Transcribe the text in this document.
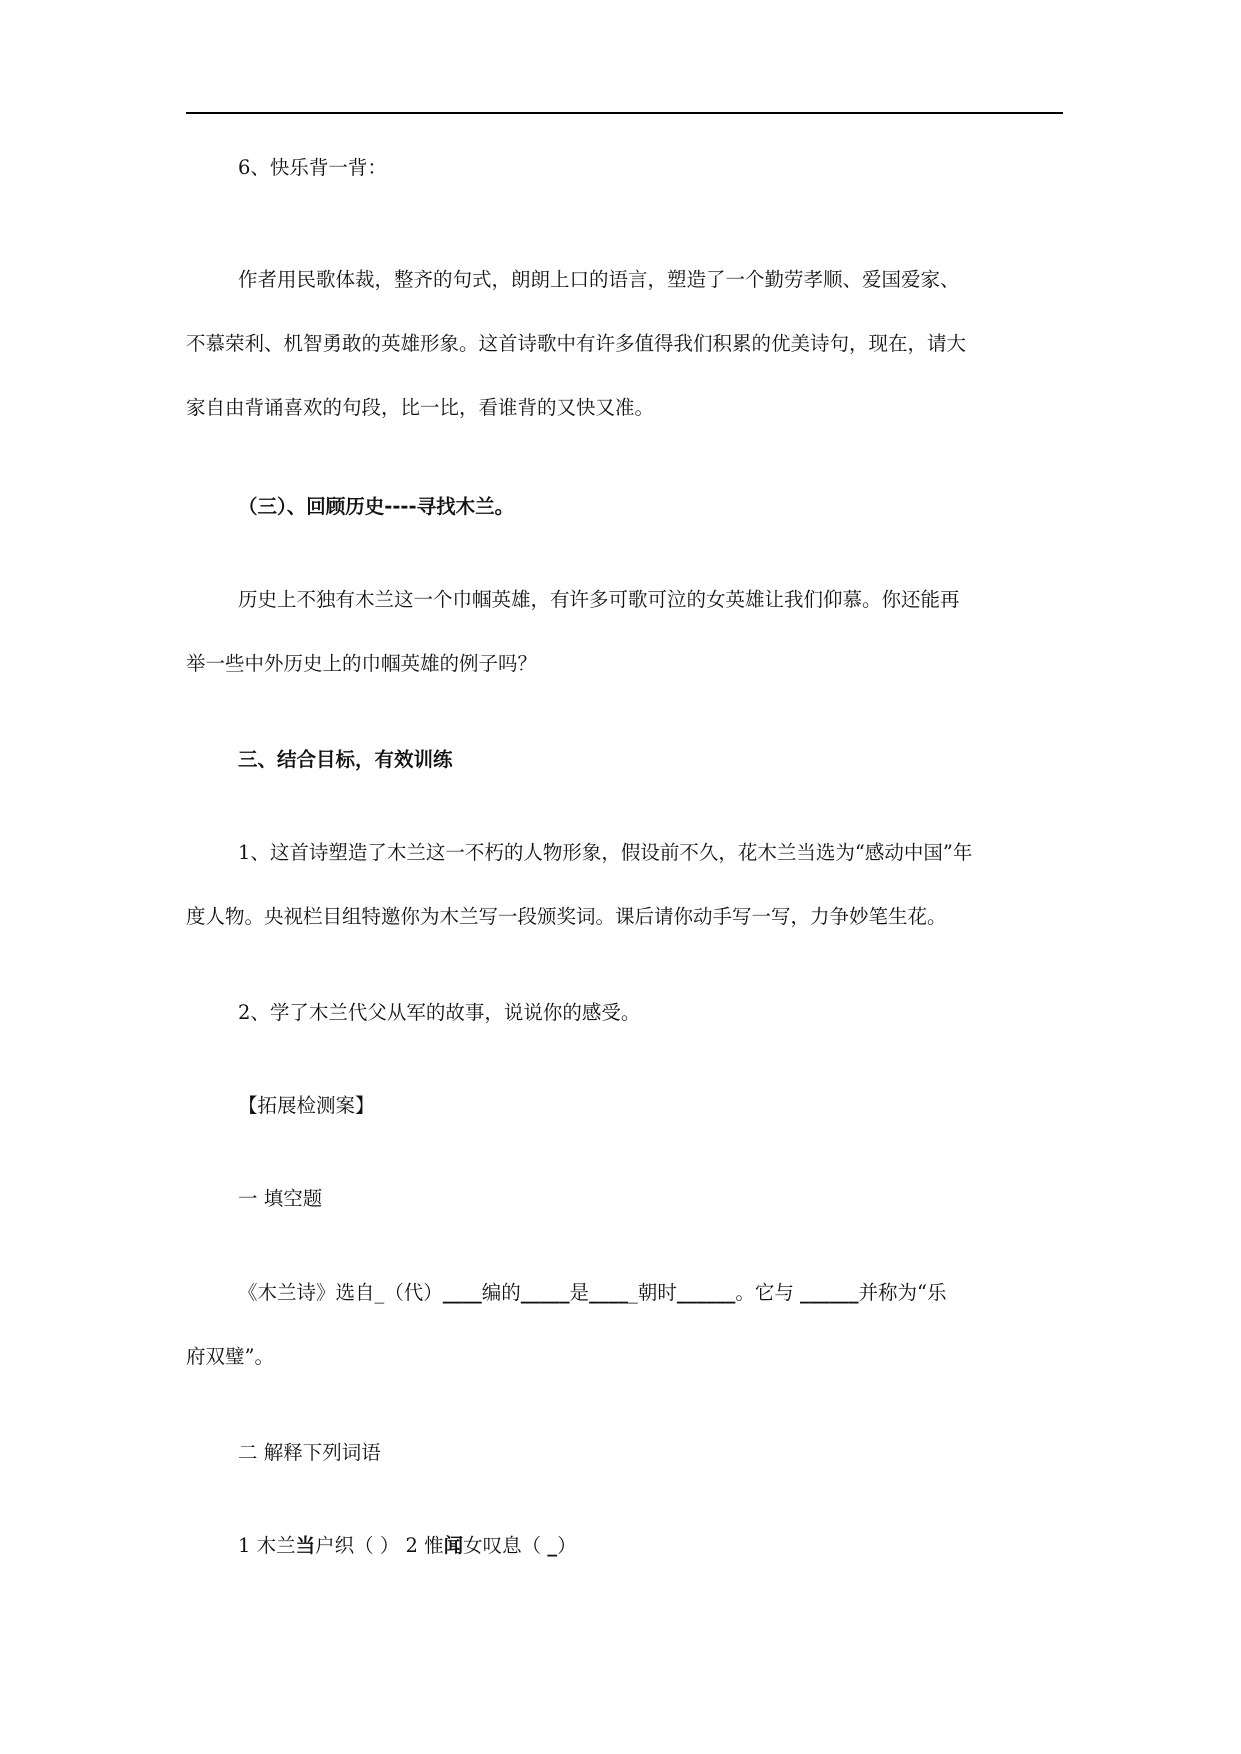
6、快乐背一背：
作者用民歌体裁，整齐的句式，朗朗上口的语言，塑造了一个勤劳孝顺、爱国爱家、
不慕荣利、机智勇敢的英雄形象。这首诗歌中有许多值得我们积累的优美诗句，现在，请大
家自由背诵喜欢的句段，比一比，看谁背的又快又准。
（三）、回顾历史----寻找木兰。
历史上不独有木兰这一个巾帼英雄，有许多可歌可泣的女英雄让我们仰慕。你还能再
举一些中外历史上的巾帼英雄的例子吗？
三、结合目标，有效训练
1、这首诗塑造了木兰这一不朽的人物形象，假设前不久，花木兰当选为“感动中国”年
度人物。央视栏目组特邀你为木兰写一段颁奖词。课后请你动手写一写，力争妙笔生花。
2、学了木兰代父从军的故事，说说你的感受。
【拓展检测案】
一 填空题
《木兰诗》选自_（代）____编的_____是_____朝时______。它与 ______并称为“乐
府双璧”。
二 解释下列词语
1 木兰当户织（ ） 2 惟闻女叹息（ _）
